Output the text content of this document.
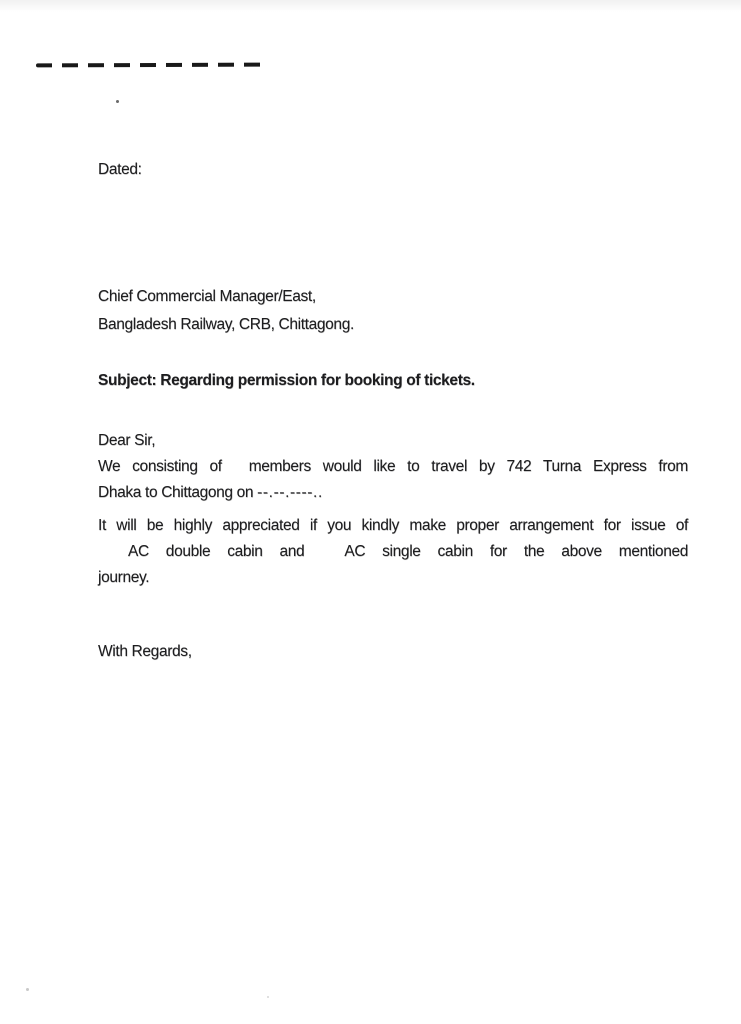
Dated:
Chief Commercial Manager/East,
Bangladesh Railway, CRB, Chittagong.
Subject: Regarding permission for booking of tickets.
Dear Sir,
We consisting of members would like to travel by 742 Turna Express from
Dhaka to Chittagong on --.--.----..
It will be highly appreciated if you kindly make proper arrangement for issue of
AC double cabin and	AC single cabin for the above mentioned
journey.
With Regards,
